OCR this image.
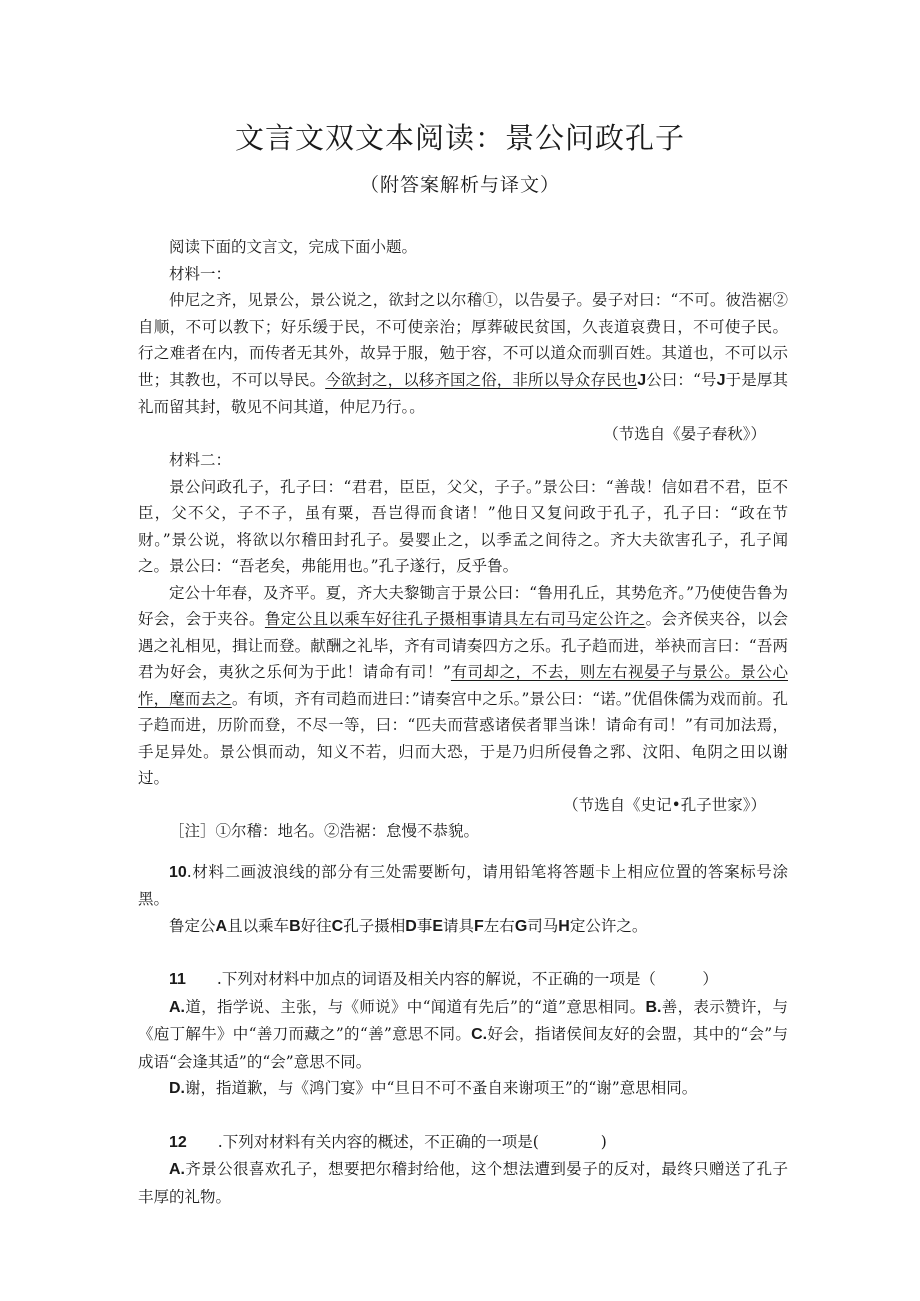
文言文双文本阅读：景公问政孔子
（附答案解析与译文）

阅读下面的文言文，完成下面小题。

材料一：

仲尼之齐，见景公，景公说之，欲封之以尔稽①，以告晏子。晏子对曰：“不可。彼浩裾②自顺，不可以教下；好乐缓于民，不可使亲治；厚葬破民贫国，久丧道哀费日，不可使子民。行之难者在内，而传者无其外，故异于服，勉于容，不可以道众而驯百姓。其道也，不可以示世；其教也，不可以导民。今欲封之，以移齐国之俗，非所以导众存民也J公曰：“号J于是厚其礼而留其封，敬见不问其道，仲尼乃行。。

（节选自《晏子春秋》）

材料二：

景公问政孔子，孔子曰：“君君，臣臣，父父，子子。”景公曰：“善哉！信如君不君，臣不臣，父不父，子不子，虽有粟，吾岂得而食诸！”他日又复问政于孔子，孔子曰：“政在节财。”景公说，将欲以尔稽田封孔子。晏婴止之，以季孟之间待之。齐大夫欲害孔子，孔子闻之。景公曰：“吾老矣，弗能用也。”孔子遂行，反乎鲁。

定公十年春，及齐平。夏，齐大夫黎锄言于景公曰：“鲁用孔丘，其势危齐。”乃使使告鲁为好会，会于夹谷。鲁定公且以乘车好往孔子摄相事请具左右司马定公许之。会齐侯夹谷，以会遇之礼相见，揖让而登。献酬之礼毕，齐有司请奏四方之乐。孔子趋而进，举袂而言曰：“吾两君为好会，夷狄之乐何为于此！请命有司！”有司却之，不去，则左右视晏子与景公。景公心怍，麾而去之。有顷，齐有司趋而进曰：”请奏宫中之乐。”景公曰：“诺。”优倡侏儒为戏而前。孔子趋而进，历阶而登，不尽一等，曰：“匹夫而营惑诸侯者罪当诛！请命有司！”有司加法焉，手足异处。景公惧而动，知义不若，归而大恐，于是乃归所侵鲁之郛、汶阳、龟阴之田以谢过。

（节选自《史记•孔子世家》）

［注］①尔稽：地名。②浩裾：怠慢不恭貌。

10.材料二画波浪线的部分有三处需要断句，请用铅笔将答题卡上相应位置的答案标号涂黑。

鲁定公A且以乘车B好往C孔子摄相D事E请具F左右G司马H定公许之。

11　　.下列对材料中加点的词语及相关内容的解说，不正确的一项是（　　　）

A.道，指学说、主张，与《师说》中“闻道有先后”的“道”意思相同。B.善，表示赞许，与《庖丁解牛》中“善刀而藏之”的“善”意思不同。C.好会，指诸侯间友好的会盟，其中的“会”与成语“会逢其适”的“会”意思不同。

D.谢，指道歉，与《鸿门宴》中“旦日不可不蚤自来谢项王”的“谢”意思相同。

12　　.下列对材料有关内容的概述，不正确的一项是(　　　　)

A.齐景公很喜欢孔子，想要把尔稽封给他，这个想法遭到晏子的反对，最终只赠送了孔子丰厚的礼物。
